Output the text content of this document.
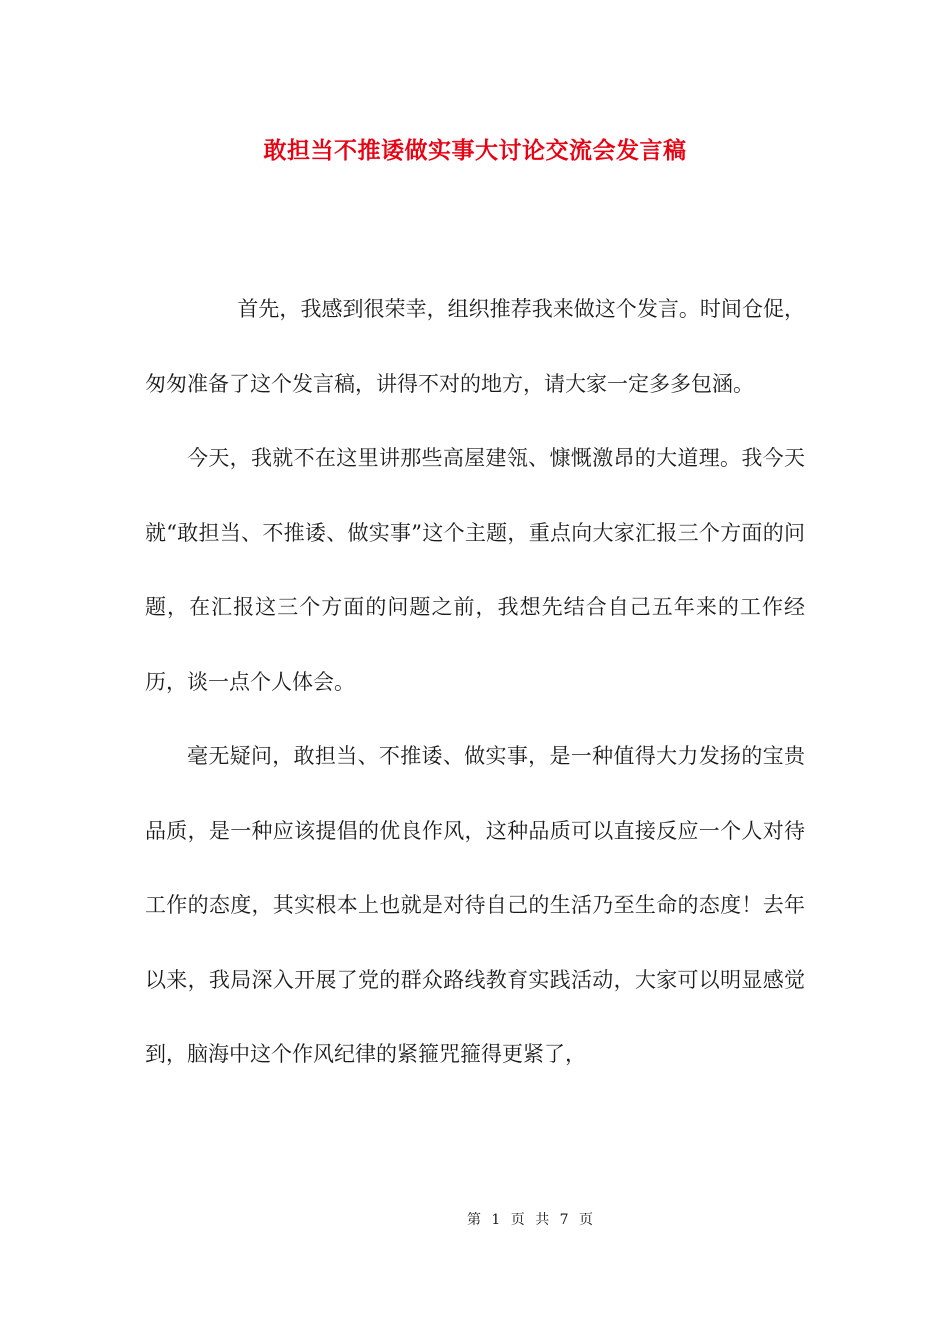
敢担当不推诿做实事大讨论交流会发言稿

首先，我感到很荣幸，组织推荐我来做这个发言。时间仓促，匆匆准备了这个发言稿，讲得不对的地方，请大家一定多多包涵。

今天，我就不在这里讲那些高屋建瓴、慷慨激昂的大道理。我今天就“敢担当、不推诿、做实事”这个主题，重点向大家汇报三个方面的问题，在汇报这三个方面的问题之前，我想先结合自己五年来的工作经历，谈一点个人体会。

毫无疑问，敢担当、不推诿、做实事，是一种值得大力发扬的宝贵品质，是一种应该提倡的优良作风，这种品质可以直接反应一个人对待工作的态度，其实根本上也就是对待自己的生活乃至生命的态度！去年以来，我局深入开展了党的群众路线教育实践活动，大家可以明显感觉到，脑海中这个作风纪律的紧箍咒箍得更紧了，

第 1 页 共 7 页
